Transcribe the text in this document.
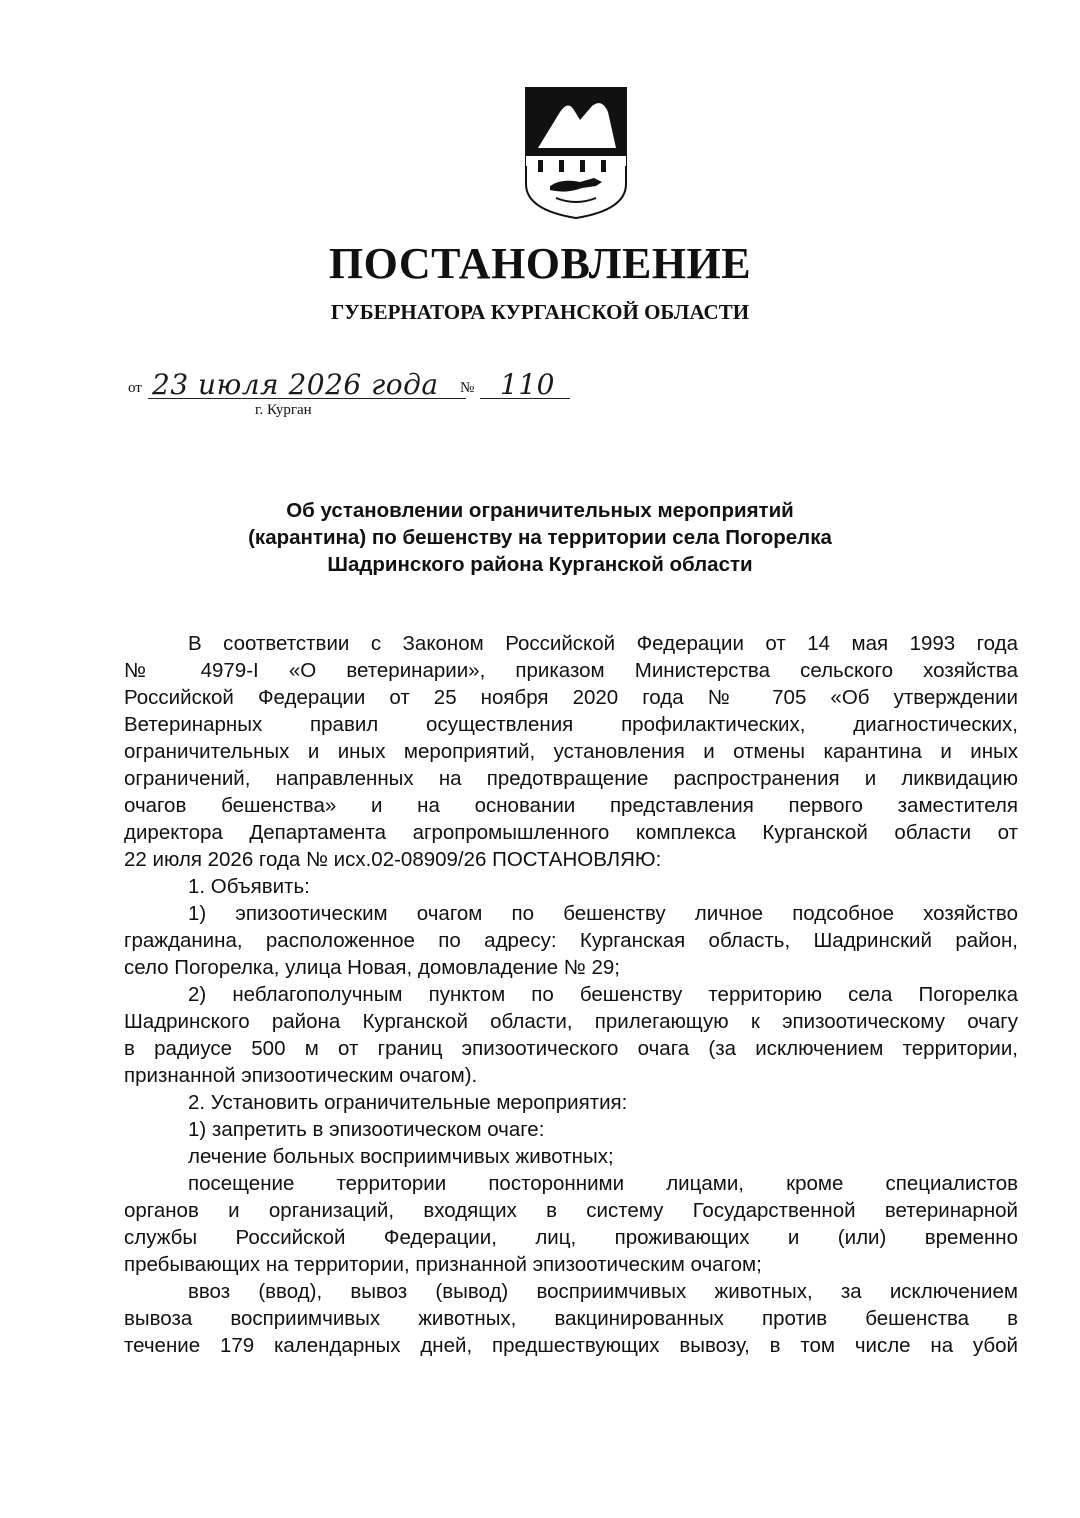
ПОСТАНОВЛЕНИЕ
ГУБЕРНАТОРА КУРГАНСКОЙ ОБЛАСТИ
от 23 июля 2026 года № 110
г. Курган
Об установлении ограничительных мероприятий
(карантина) по бешенству на территории села Погорелка
Шадринского района Курганской области
В соответствии с Законом Российской Федерации от 14 мая 1993 года
№ 4979-I «О ветеринарии», приказом Министерства сельского хозяйства
Российской Федерации от 25 ноября 2020 года № 705 «Об утверждении
Ветеринарных правил осуществления профилактических, диагностических,
ограничительных и иных мероприятий, установления и отмены карантина и иных
ограничений, направленных на предотвращение распространения и ликвидацию
очагов бешенства» и на основании представления первого заместителя
директора Департамента агропромышленного комплекса Курганской области от
22 июля 2026 года № исх.02-08909/26 ПОСТАНОВЛЯЮ:
1. Объявить:
1) эпизоотическим очагом по бешенству личное подсобное хозяйство
гражданина, расположенное по адресу: Курганская область, Шадринский район,
село Погорелка, улица Новая, домовладение № 29;
2) неблагополучным пунктом по бешенству территорию села Погорелка
Шадринского района Курганской области, прилегающую к эпизоотическому очагу
в радиусе 500 м от границ эпизоотического очага (за исключением территории,
признанной эпизоотическим очагом).
2. Установить ограничительные мероприятия:
1) запретить в эпизоотическом очаге:
лечение больных восприимчивых животных;
посещение территории посторонними лицами, кроме специалистов
органов и организаций, входящих в систему Государственной ветеринарной
службы Российской Федерации, лиц, проживающих и (или) временно
пребывающих на территории, признанной эпизоотическим очагом;
ввоз (ввод), вывоз (вывод) восприимчивых животных, за исключением
вывоза восприимчивых животных, вакцинированных против бешенства в
течение 179 календарных дней, предшествующих вывозу, в том числе на убой
